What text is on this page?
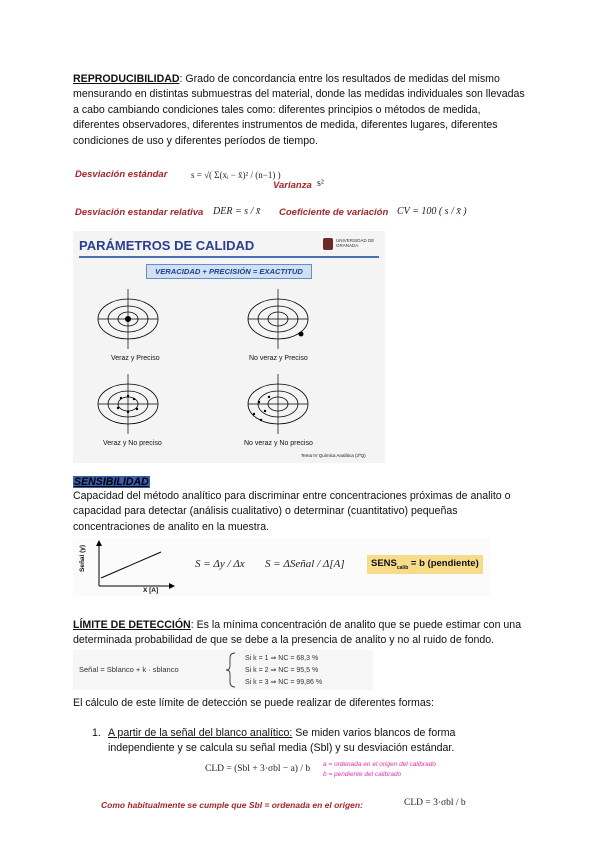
REPRODUCIBILIDAD: Grado de concordancia entre los resultados de medidas del mismo mensurando en distintas submuestras del material, donde las medidas individuales son llevadas a cabo cambiando condiciones tales como: diferentes principios o métodos de medida, diferentes observadores, diferentes instrumentos de medida, diferentes lugares, diferentes condiciones de uso y diferentes períodos de tiempo.
Desviación estándar	s = √( Σ(xᵢ − x̄)² / (n−1) )
Varianza s²
Desviación estandar relativa DER = s / x̄ Coeficiente de variación CV = 100 ( s / x̄ )
PARÁMETROS DE CALIDAD	UNIVERSIDAD DE GRANADA
VERACIDAD + PRECISIÓN = EXACTITUD
Veraz y Preciso	No veraz y Preciso
Veraz y No preciso	No veraz y No preciso
Tema IV Química Analítica (3ºQ)
SENSIBILIDAD
Capacidad del método analítico para discriminar entre concentraciones próximas de analito o capacidad para detectar (análisis cualitativo) o determinar (cuantitativo) pequeñas concentraciones de analito en la muestra.
Señal (y)
X [A]
S = Δy / Δx S = ΔSeñal / Δ[A]	$SENS_{calib} = b$ (pendiente)
LÍMITE DE DETECCIÓN: Es la mínima concentración de analito que se puede estimar con una determinada probabilidad de que se debe a la presencia de analito y no al ruido de fondo.
Señal = Sblanco + k · sblanco
Si k = 1 ⇒ NC = 68,3 %
Si k = 2 ⇒ NC = 95,5 %
Si k = 3 ⇒ NC = 99,86 %
El cálculo de este límite de detección se puede realizar de diferentes formas:
1. A partir de la señal del blanco analítico: Se miden varios blancos de forma independiente y se calcula su señal media (Sbl) y su desviación estándar.
CLD = (Sbl + 3·σbl − a) / b a = ordenada en el origen del calibrado
b = pendiente del calibrado
Como habitualmente se cumple que Sbl = ordenada en el origen:	CLD = 3·σbl / b
